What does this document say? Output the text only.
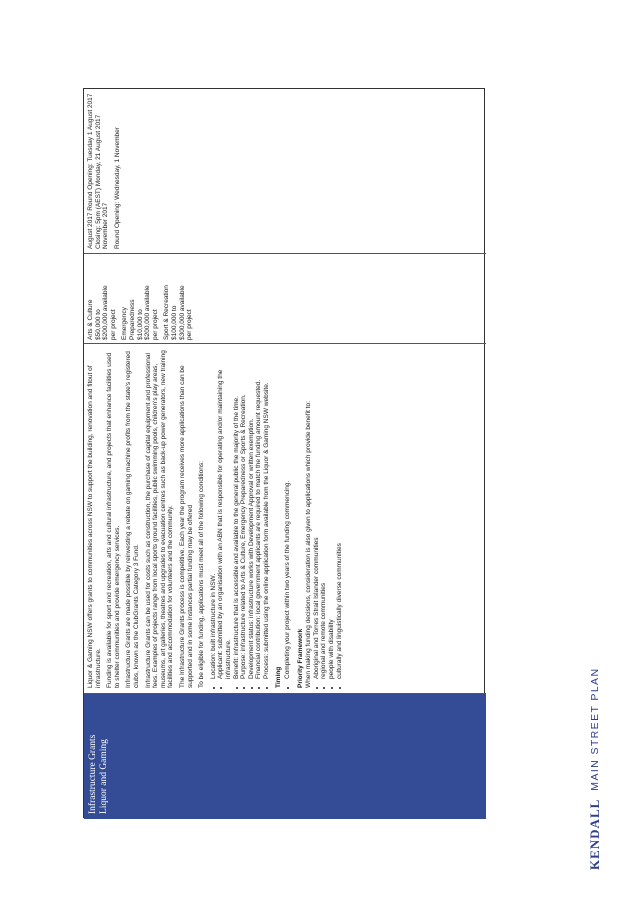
KENDALL
MAIN STREET PLAN
Infrastructure Grants Liquor and Gaming

Liquor & Gaming NSW offers grants to communities across NSW to support the building, renovation and fitout of infrastructure. Funding is available for sport and recreation, arts and cultural infrastructure, and projects that enhance facilities used to shelter communities and provide emergency services. Infrastructure Grants are made possible by reinvesting a rebate on gaming machine profits from the state's registered clubs, known as the ClubGrants Category 3 Fund. Infrastructure Grants can be used for costs such as construction, the purchase of capital equipment and professional fees. Examples of projects range from local sports ground facilities, public swimming pools, children's play areas, museums, art galleries, theatres and upgrades to evacuation centres such as back-up power generators, new training facilities and accommodation for volunteers and the community. The Infrastructure Grants process is competitive. Each year the program receives more applications than can be supported and in some instances partial funding may be offered To be eligible for funding, applications must meet all of the following conditions: • Location: built infrastructure in NSW. • Applicant: submitted by an organisation with an ABN that is responsible for operating and/or maintaining the infrastructure. • Benefit: infrastructure that is accessible and available to the general public the majority of the time. • Purpose: infrastructure related to Arts & Culture, Emergency Preparedness or Sports & Recreation. • Development status: infrastructure works with Development Approval or written exemption. • Financial contribution: local government applicants are required to match the funding amount requested. • Process: submitted using the online application form available from the Liquor & Gaming NSW website. Timing • Completing your project within two years of the funding commencing. Priority Framework When making funding decisions, consideration is also given to applications which provide benefit to: • Aboriginal and Torres Strait Islander communities • regional and remote communities • people with disability • culturally and linguistically diverse communities
Arts & Culture $50,000 to $200,000 available per project Emergency Preparedness $10,000 to $200,000 available per project Sport & Recreation $100,000 to $300,000 available per project

August 2017 Round Opening: Tuesday 1 August 2017 Closing: 5pm (AEST) Monday, 21 August 2017 November 2017 Round Opening: Wednesday, 1 November
